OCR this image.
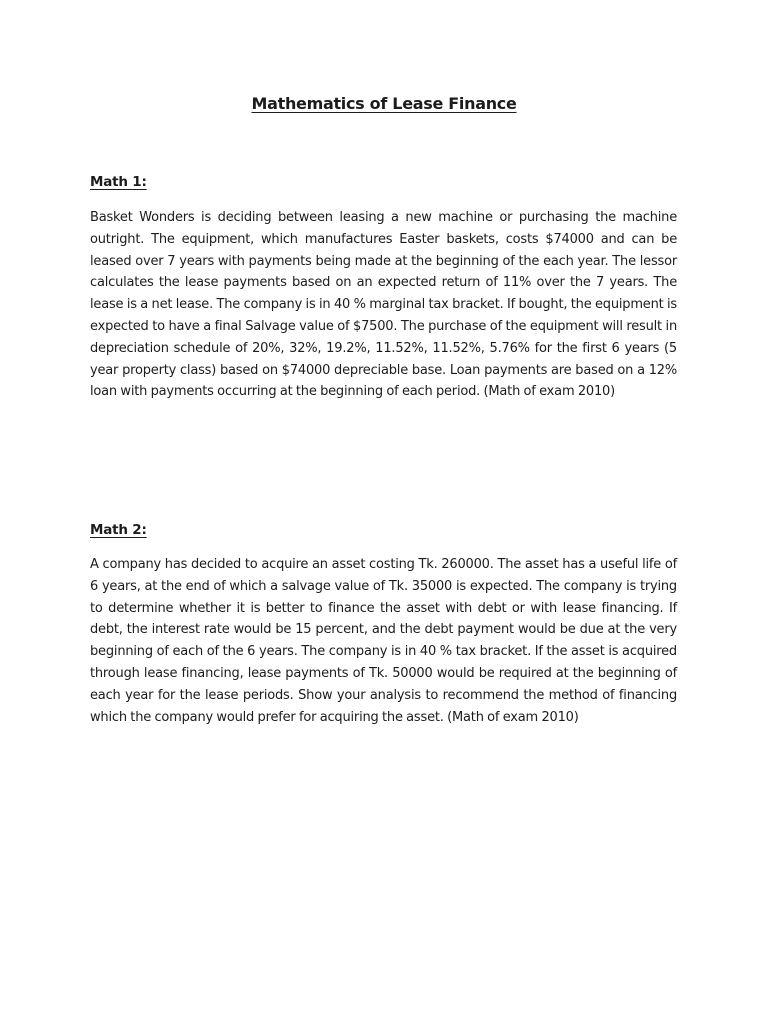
Mathematics of Lease Finance
Math 1:
Basket Wonders is deciding between leasing a new machine or purchasing the machine outright. The equipment, which manufactures Easter baskets, costs $74000 and can be leased over 7 years with payments being made at the beginning of the each year. The lessor calculates the lease payments based on an expected return of 11% over the 7 years. The lease is a net lease. The company is in 40 % marginal tax bracket. If bought, the equipment is expected to have a final Salvage value of $7500. The purchase of the equipment will result in depreciation schedule of 20%, 32%, 19.2%, 11.52%, 11.52%, 5.76% for the first 6 years (5 year property class) based on $74000 depreciable base. Loan payments are based on a 12% loan with payments occurring at the beginning of each period. (Math of exam 2010)
Math 2:
A company has decided to acquire an asset costing Tk. 260000. The asset has a useful life of 6 years, at the end of which a salvage value of Tk. 35000 is expected. The company is trying to determine whether it is better to finance the asset with debt or with lease financing. If debt, the interest rate would be 15 percent, and the debt payment would be due at the very beginning of each of the 6 years. The company is in 40 % tax bracket. If the asset is acquired through lease financing, lease payments of Tk. 50000 would be required at the beginning of each year for the lease periods. Show your analysis to recommend the method of financing which the company would prefer for acquiring the asset. (Math of exam 2010)
